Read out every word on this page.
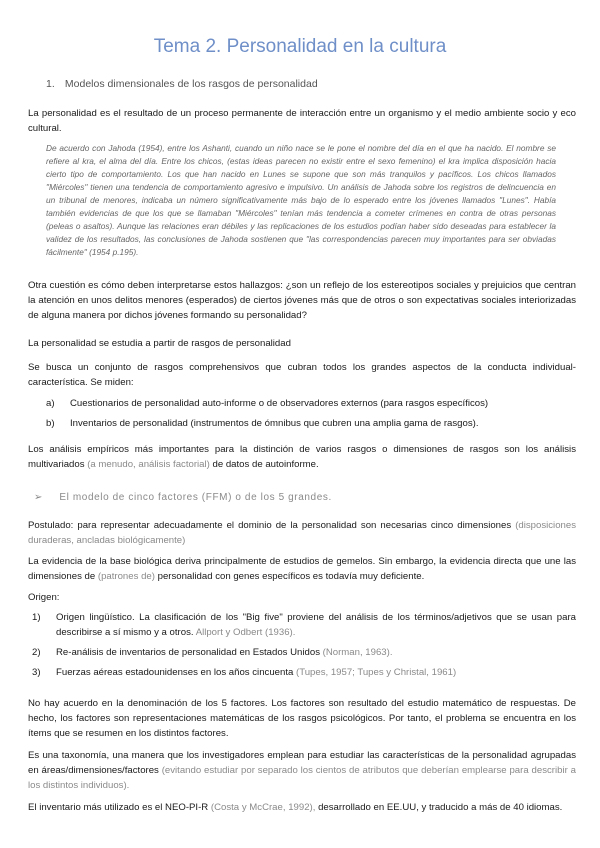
Tema 2. Personalidad en la cultura
1. Modelos dimensionales de los rasgos de personalidad

La personalidad es el resultado de un proceso permanente de interacción entre un organismo y el medio ambiente socio y eco cultural.

De acuerdo con Jahoda (1954), entre los Ashanti, cuando un niño nace se le pone el nombre del día en el que ha nacido. El nombre se refiere al kra, el alma del día. Entre los chicos, (estas ideas parecen no existir entre el sexo femenino) el kra implica disposición hacia cierto tipo de comportamiento. Los que han nacido en Lunes se supone que son más tranquilos y pacíficos. Los chicos llamados "Miércoles" tienen una tendencia de comportamiento agresivo e impulsivo. Un análisis de Jahoda sobre los registros de delincuencia en un tribunal de menores, indicaba un número significativamente más bajo de lo esperado entre los jóvenes llamados "Lunes". Había también evidencias de que los que se llamaban "Miércoles" tenían más tendencia a cometer crímenes en contra de otras personas (peleas o asaltos). Aunque las relaciones eran débiles y las replicaciones de los estudios podían haber sido deseadas para establecer la validez de los resultados, las conclusiones de Jahoda sostienen que "las correspondencias parecen muy importantes para ser obviadas fácilmente" (1954 p.195).

Otra cuestión es cómo deben interpretarse estos hallazgos: ¿son un reflejo de los estereotipos sociales y prejuicios que centran la atención en unos delitos menores (esperados) de ciertos jóvenes más que de otros o son expectativas sociales interiorizadas de alguna manera por dichos jóvenes formando su personalidad?

La personalidad se estudia a partir de rasgos de personalidad

Se busca un conjunto de rasgos comprehensivos que cubran todos los grandes aspectos de la conducta individual-característica. Se miden:

a) Cuestionarios de personalidad auto-informe o de observadores externos (para rasgos específicos)
b) Inventarios de personalidad (instrumentos de ómnibus que cubren una amplia gama de rasgos).

Los análisis empíricos más importantes para la distinción de varios rasgos o dimensiones de rasgos son los análisis multivariados (a menudo, análisis factorial) de datos de autoinforme.

➢ El modelo de cinco factores (FFM) o de los 5 grandes.

Postulado: para representar adecuadamente el dominio de la personalidad son necesarias cinco dimensiones (disposiciones duraderas, ancladas biológicamente)

La evidencia de la base biológica deriva principalmente de estudios de gemelos. Sin embargo, la evidencia directa que une las dimensiones de (patrones de) personalidad con genes específicos es todavía muy deficiente.

Origen:

1) Origen lingüístico. La clasificación de los "Big five" proviene del análisis de los términos/adjetivos que se usan para describirse a sí mismo y a otros. Allport y Odbert (1936).
2) Re-análisis de inventarios de personalidad en Estados Unidos (Norman, 1963).
3) Fuerzas aéreas estadounidenses en los años cincuenta (Tupes, 1957; Tupes y Christal, 1961)

No hay acuerdo en la denominación de los 5 factores. Los factores son resultado del estudio matemático de respuestas. De hecho, los factores son representaciones matemáticas de los rasgos psicológicos. Por tanto, el problema se encuentra en los ítems que se resumen en los distintos factores.

Es una taxonomía, una manera que los investigadores emplean para estudiar las características de la personalidad agrupadas en áreas/dimensiones/factores (evitando estudiar por separado los cientos de atributos que deberían emplearse para describir a los distintos individuos).

El inventario más utilizado es el NEO-PI-R (Costa y McCrae, 1992), desarrollado en EE.UU, y traducido a más de 40 idiomas.
